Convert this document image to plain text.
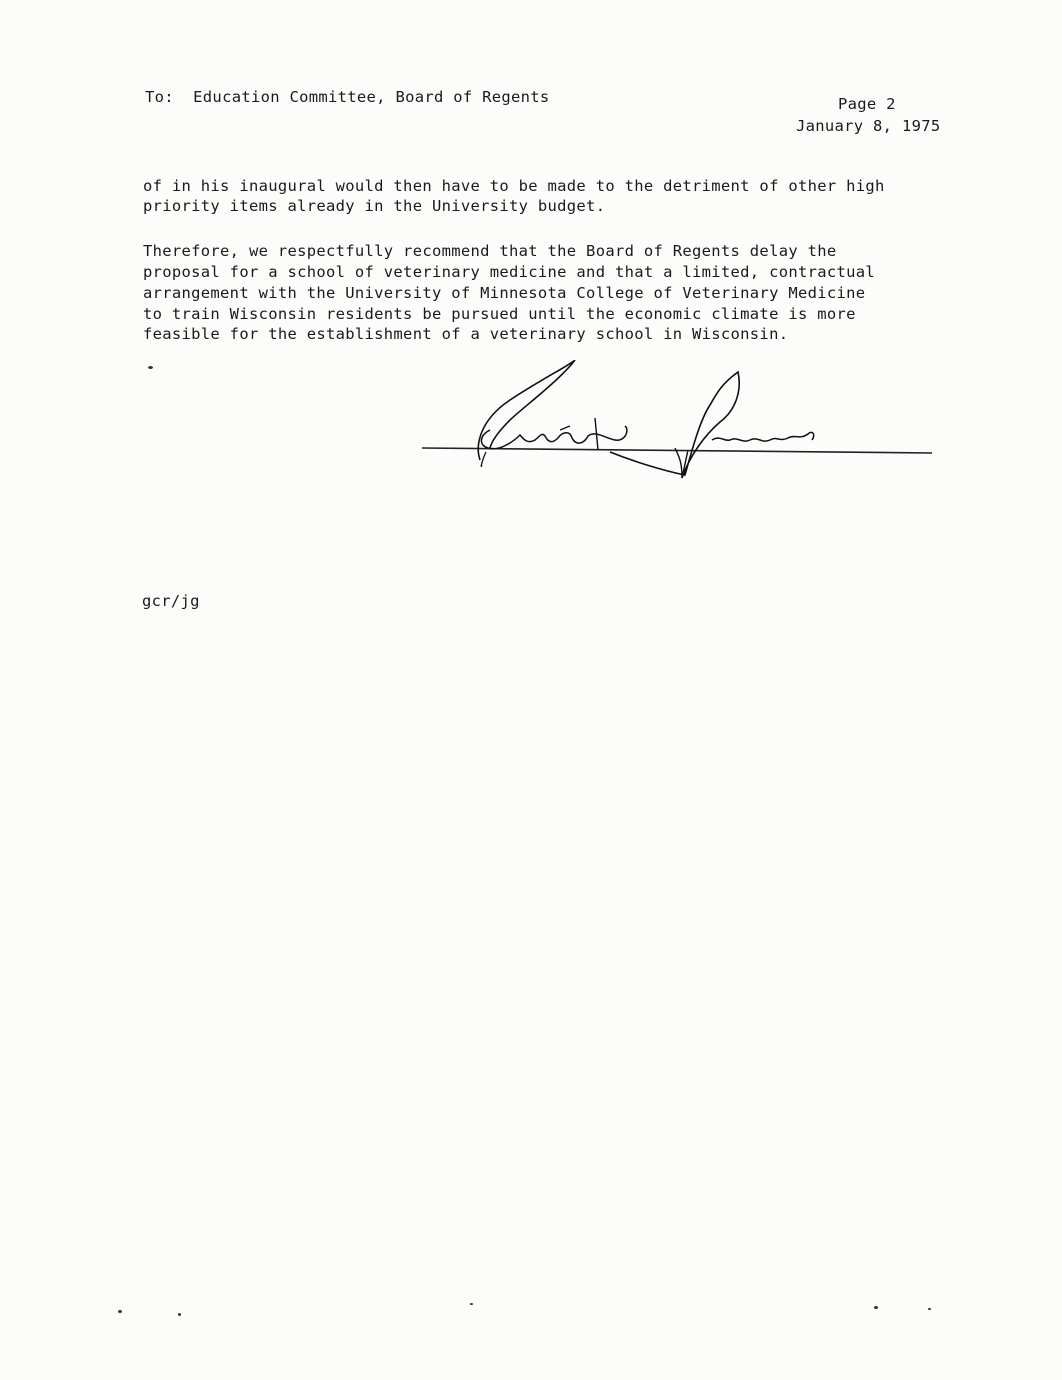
To: Education Committee, Board of Regents	Page 2
January 8, 1975
of in his inaugural would then have to be made to the detriment of other high
priority items already in the University budget.
Therefore, we respectfully recommend that the Board of Regents delay the
proposal for a school of veterinary medicine and that a limited, contractual
arrangement with the University of Minnesota College of Veterinary Medicine
to train Wisconsin residents be pursued until the economic climate is more
feasible for the establishment of a veterinary school in Wisconsin.
gcr/jg
